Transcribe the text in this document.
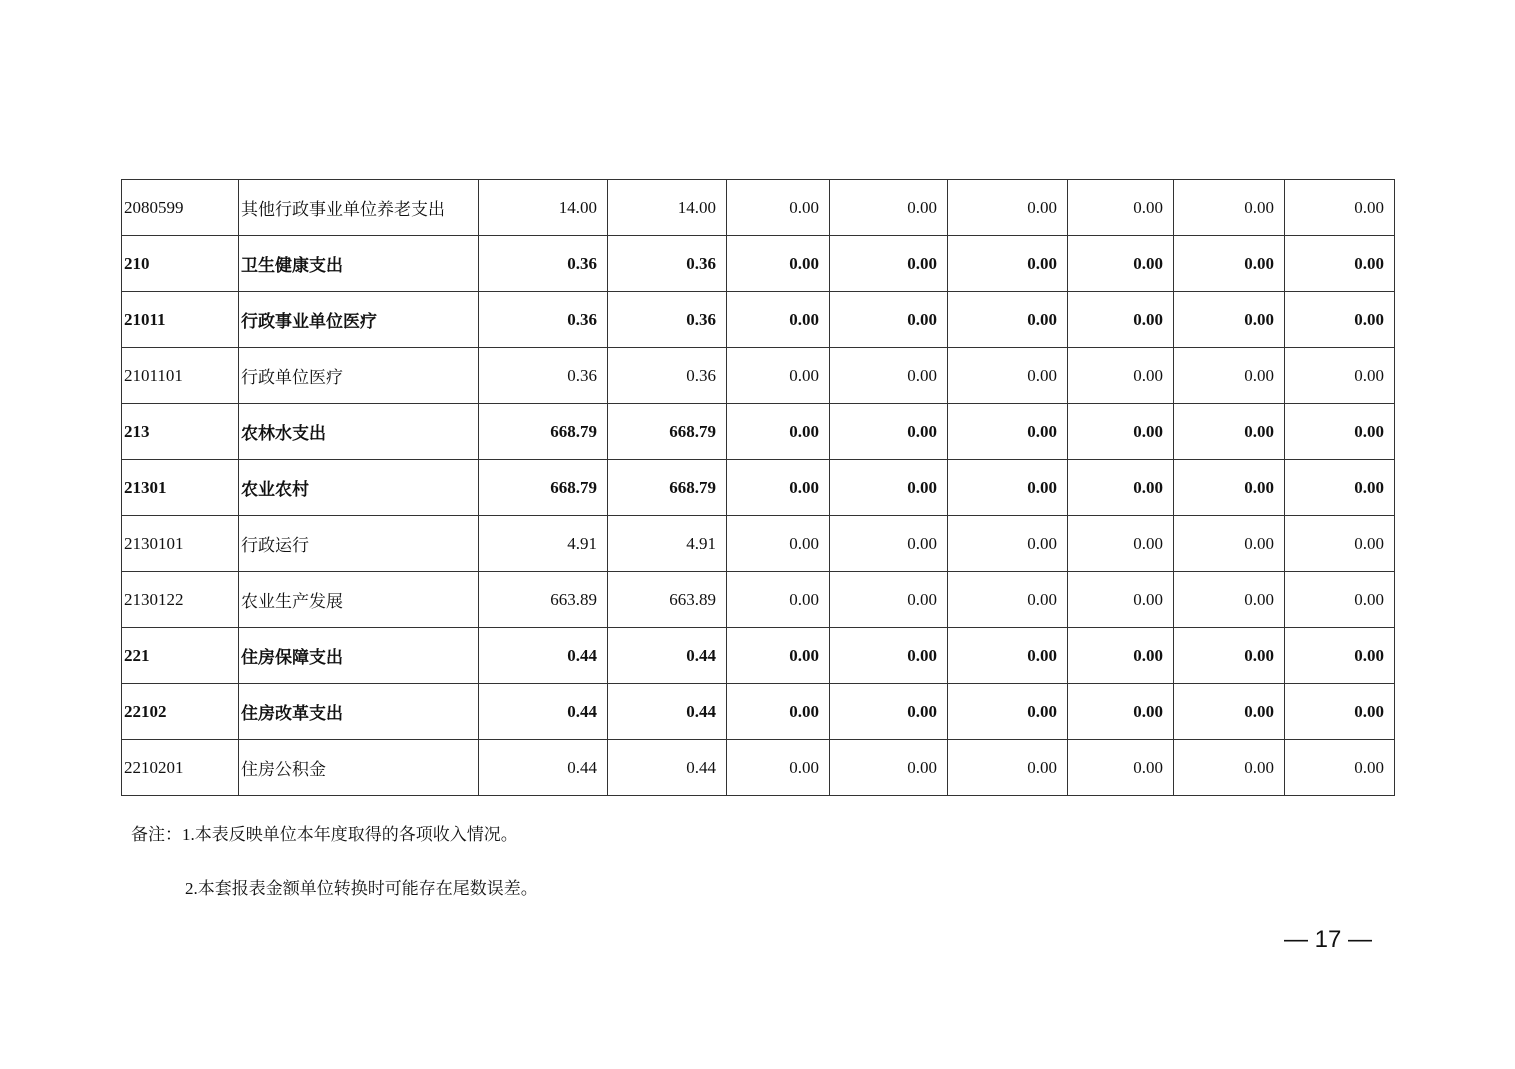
2080599	其他行政事业单位养老支出	14.00	14.00	0.00	0.00	0.00	0.00	0.00	0.00
210	卫生健康支出	0.36	0.36	0.00	0.00	0.00	0.00	0.00	0.00
21011	行政事业单位医疗	0.36	0.36	0.00	0.00	0.00	0.00	0.00	0.00
2101101	行政单位医疗	0.36	0.36	0.00	0.00	0.00	0.00	0.00	0.00
213	农林水支出	668.79	668.79	0.00	0.00	0.00	0.00	0.00	0.00
21301	农业农村	668.79	668.79	0.00	0.00	0.00	0.00	0.00	0.00
2130101	行政运行	4.91	4.91	0.00	0.00	0.00	0.00	0.00	0.00
2130122	农业生产发展	663.89	663.89	0.00	0.00	0.00	0.00	0.00	0.00
221	住房保障支出	0.44	0.44	0.00	0.00	0.00	0.00	0.00	0.00
22102	住房改革支出	0.44	0.44	0.00	0.00	0.00	0.00	0.00	0.00
2210201	住房公积金	0.44	0.44	0.00	0.00	0.00	0.00	0.00	0.00
备注：1.本表反映单位本年度取得的各项收入情况。
2.本套报表金额单位转换时可能存在尾数误差。
— 17 —
